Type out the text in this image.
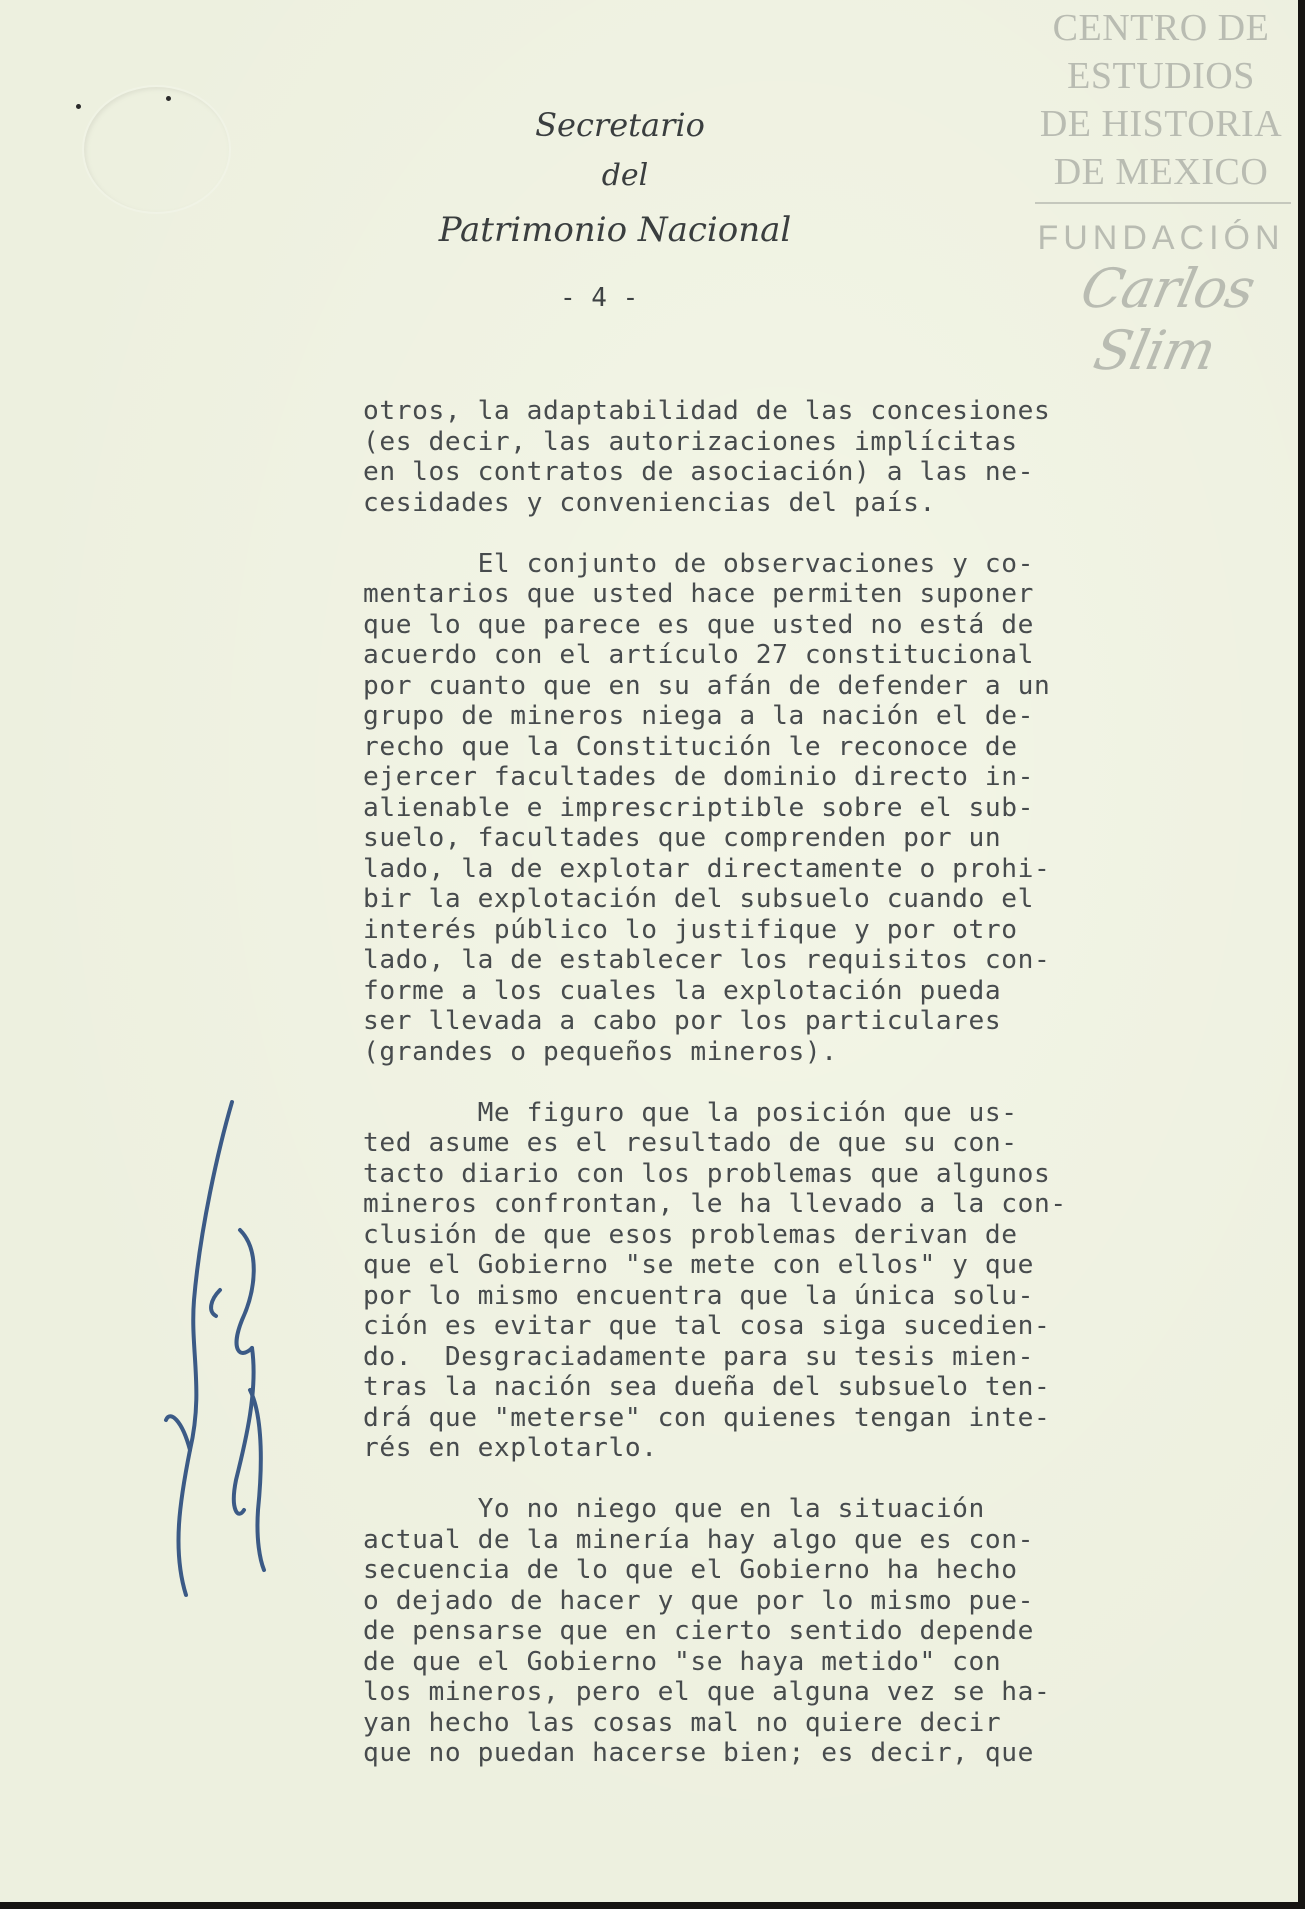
CENTRO DE
ESTUDIOS
DE HISTORIA
DE MEXICO
FUNDACIÓN
Carlos Slim
Secretario
del
Patrimonio Nacional
- 4 -
otros, la adaptabilidad de las concesiones
(es decir, las autorizaciones implícitas
en los contratos de asociación) a las ne-
cesidades y conveniencias del país.
El conjunto de observaciones y co-
mentarios que usted hace permiten suponer
que lo que parece es que usted no está de
acuerdo con el artículo 27 constitucional
por cuanto que en su afán de defender a un
grupo de mineros niega a la nación el de-
recho que la Constitución le reconoce de
ejercer facultades de dominio directo in-
alienable e imprescriptible sobre el sub-
suelo, facultades que comprenden por un
lado, la de explotar directamente o prohi-
bir la explotación del subsuelo cuando el
interés público lo justifique y por otro
lado, la de establecer los requisitos con-
forme a los cuales la explotación pueda
ser llevada a cabo por los particulares
(grandes o pequeños mineros).
Me figuro que la posición que us-
ted asume es el resultado de que su con-
tacto diario con los problemas que algunos
mineros confrontan, le ha llevado a la con-
clusión de que esos problemas derivan de
que el Gobierno "se mete con ellos" y que
por lo mismo encuentra que la única solu-
ción es evitar que tal cosa siga sucedien-
do.  Desgraciadamente para su tesis mien-
tras la nación sea dueña del subsuelo ten-
drá que "meterse" con quienes tengan inte-
rés en explotarlo.
Yo no niego que en la situación
actual de la minería hay algo que es con-
secuencia de lo que el Gobierno ha hecho
o dejado de hacer y que por lo mismo pue-
de pensarse que en cierto sentido depende
de que el Gobierno "se haya metido" con
los mineros, pero el que alguna vez se ha-
yan hecho las cosas mal no quiere decir
que no puedan hacerse bien; es decir, que
